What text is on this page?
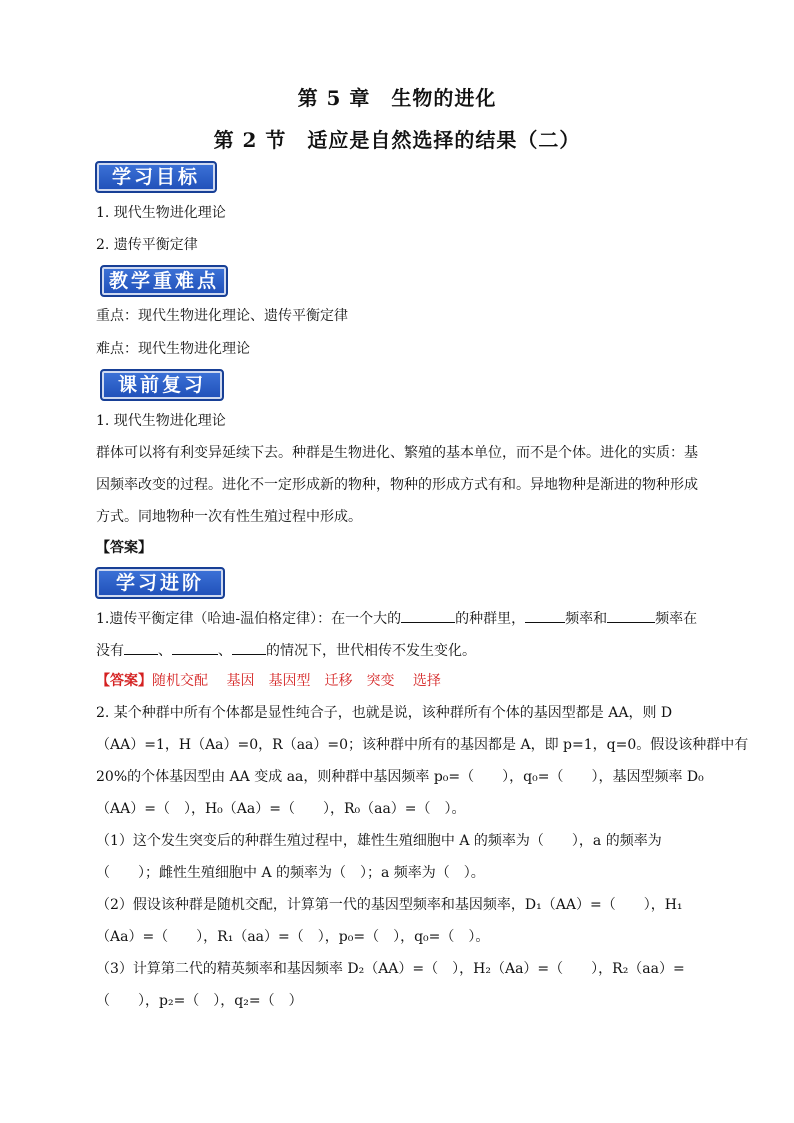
第 5 章　生物的进化
第 2 节　适应是自然选择的结果（二）
学习目标
1. 现代生物进化理论
2. 遗传平衡定律
教学重难点
重点：现代生物进化理论、遗传平衡定律
难点：现代生物进化理论
课前复习
1. 现代生物进化理论
群体可以将有利变异延续下去。种群是生物进化、繁殖的基本单位，而不是个体。进化的实质：基
因频率改变的过程。进化不一定形成新的物种，物种的形成方式有和。异地物种是渐进的物种形成
方式。同地物种一次有性生殖过程中形成。
【答案】
学习进阶
1.遗传平衡定律（哈迪-温伯格定律）：在一个大的	的种群里，	频率和	频率在
没有 、	、 的情况下，世代相传不发生变化。
【答案】随机交配　 基因　基因型　迁移　突变　 选择
2. 某个种群中所有个体都是显性纯合子，也就是说，该种群所有个体的基因型都是 AA，则 D
（AA）=1，H（Aa）=0，R（aa）=0；该种群中所有的基因都是 A，即 p=1，q=0。假设该种群中有
20%的个体基因型由 AA 变成 aa，则种群中基因频率 p₀=（　　），q₀=（　　），基因型频率 D₀
（AA）=（　），H₀（Aa）=（　　），R₀（aa）=（　）。
（1）这个发生突变后的种群生殖过程中，雄性生殖细胞中 A 的频率为（　　），a 的频率为
（　　）；雌性生殖细胞中 A 的频率为（　）；a 频率为（　）。
（2）假设该种群是随机交配，计算第一代的基因型频率和基因频率，D₁（AA）=（　　），H₁
（Aa）=（　　），R₁（aa）=（　），p₀=（　），q₀=（　）。
（3）计算第二代的精英频率和基因频率 D₂（AA）=（　），H₂（Aa）=（　　），R₂（aa）=
（　　），p₂=（　），q₂=（　）
